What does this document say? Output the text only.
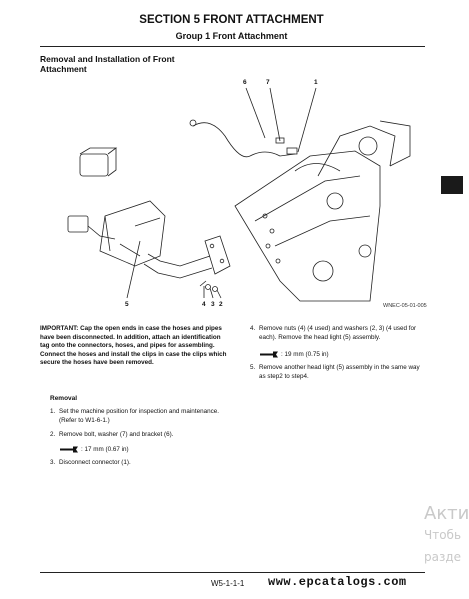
SECTION 5 FRONT ATTACHMENT
Group 1 Front Attachment
Removal and Installation of Front Attachment
6	7	1
5	4 3 2	WNEC-05-01-005
IMPORTANT: Cap the open ends in case the hoses and pipes have been disconnected. In addition, attach an identification tag onto the connectors, hoses, and pipes for assembling. Connect the hoses and install the clips in case the clips which secure the hoses have been removed.
Removal
1. Set the machine position for inspection and maintenance. (Refer to W1-6-1.)
2. Remove bolt, washer (7) and bracket (6).
: 17 mm (0.67 in)
3. Disconnect connector (1).
4. Remove nuts (4) (4 used) and washers (2, 3) (4 used for each). Remove the head light (5) assembly.
: 19 mm (0.75 in)
5. Remove another head light (5) assembly in the same way as step2 to step4.
Акти
Чтобь
разде
W5-1-1-1 www.epcatalogs.com
